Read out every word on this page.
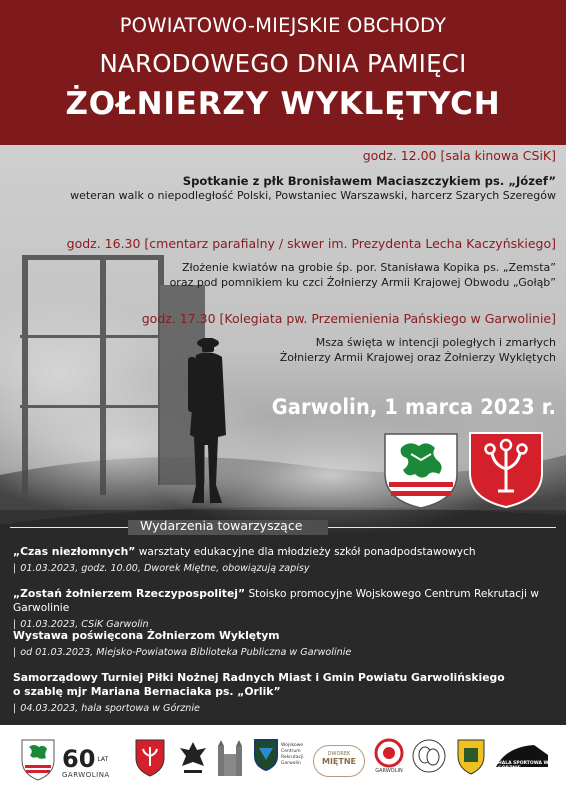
POWIATOWO-MIEJSKIE OBCHODY
NARODOWEGO DNIA PAMIĘCI
ŻOŁNIERZY WYKLĘTYCH
godz. 12.00 [sala kinowa CSiK]
Spotkanie z płk Bronisławem Maciaszczykiem ps. „Józef”
weteran walk o niepodległość Polski, Powstaniec Warszawski, harcerz Szarych Szeregów
godz. 16.30 [cmentarz parafialny / skwer im. Prezydenta Lecha Kaczyńskiego]
Złożenie kwiatów na grobie śp. por. Stanisława Kopika ps. „Zemsta”
oraz pod pomnikiem ku czci Żołnierzy Armii Krajowej Obwodu „Gołąb”
godz. 17.30 [Kolegiata pw. Przemienienia Pańskiego w Garwolinie]
Msza święta w intencji poległych i zmarłych
Żołnierzy Armii Krajowej oraz Żołnierzy Wyklętych
Garwolin, 1 marca 2023 r.
Wydarzenia towarzyszące
„Czas niezłomnych” warsztaty edukacyjne dla młodzieży szkół ponadpodstawowych
| 01.03.2023, godz. 10.00, Dworek Miętne, obowiązują zapisy
„Zostań żołnierzem Rzeczypospolitej” Stoisko promocyjne Wojskowego Centrum Rekrutacji w Garwolinie
| 01.03.2023, CSiK Garwolin
Wystawa poświęcona Żołnierzom Wyklętym
| od 01.03.2023, Miejsko-Powiatowa Biblioteka Publiczna w Garwolinie
Samorządowy Turniej Piłki Nożnej Radnych Miast i Gmin Powiatu Garwolińskiego
o szablę mjr Mariana Bernaciaka ps. „Orlik”
| 04.03.2023, hala sportowa w Górznie
60 LAT
GARWOLINA
Wojskowe Centrum Rekrutacji Garwolin
DWOREK
MIĘTNE
GARWOLIN
HALA SPORTOWA W GÓRZNIE
